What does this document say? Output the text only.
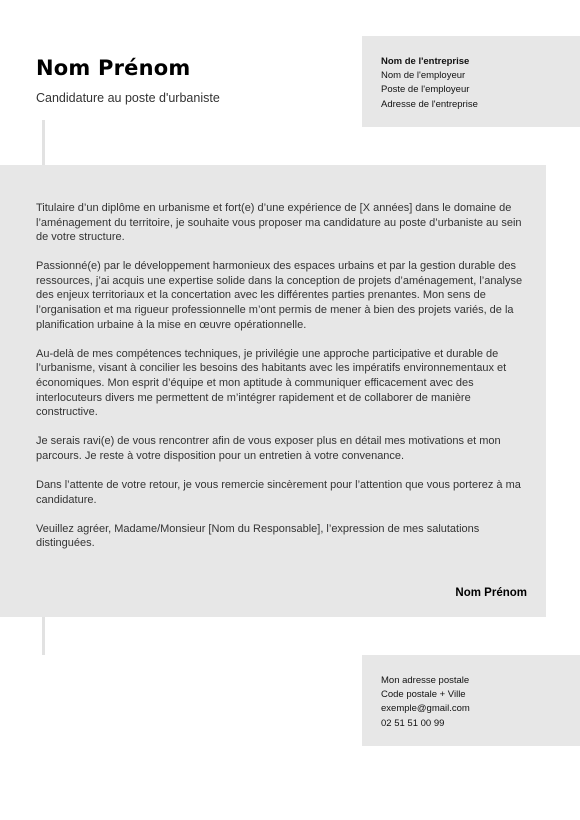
Nom Prénom
Candidature au poste d'urbaniste
Nom de l'entreprise
Nom de l'employeur
Poste de l'employeur
Adresse de l'entreprise

Titulaire d’un diplôme en urbanisme et fort(e) d’une expérience de [X années] dans le domaine de l’aménagement du territoire, je souhaite vous proposer ma candidature au poste d’urbaniste au sein de votre structure.

Passionné(e) par le développement harmonieux des espaces urbains et par la gestion durable des ressources, j’ai acquis une expertise solide dans la conception de projets d’aménagement, l’analyse des enjeux territoriaux et la concertation avec les différentes parties prenantes. Mon sens de l’organisation et ma rigueur professionnelle m’ont permis de mener à bien des projets variés, de la planification urbaine à la mise en œuvre opérationnelle.

Au-delà de mes compétences techniques, je privilégie une approche participative et durable de l’urbanisme, visant à concilier les besoins des habitants avec les impératifs environnementaux et économiques. Mon esprit d’équipe et mon aptitude à communiquer efficacement avec des interlocuteurs divers me permettent de m’intégrer rapidement et de collaborer de manière constructive.

Je serais ravi(e) de vous rencontrer afin de vous exposer plus en détail mes motivations et mon parcours. Je reste à votre disposition pour un entretien à votre convenance.

Dans l’attente de votre retour, je vous remercie sincèrement pour l’attention que vous porterez à ma candidature.

Veuillez agréer, Madame/Monsieur [Nom du Responsable], l’expression de mes salutations distinguées.

Nom Prénom
Mon adresse postale
Code postale + Ville
exemple@gmail.com
02 51 51 00 99
